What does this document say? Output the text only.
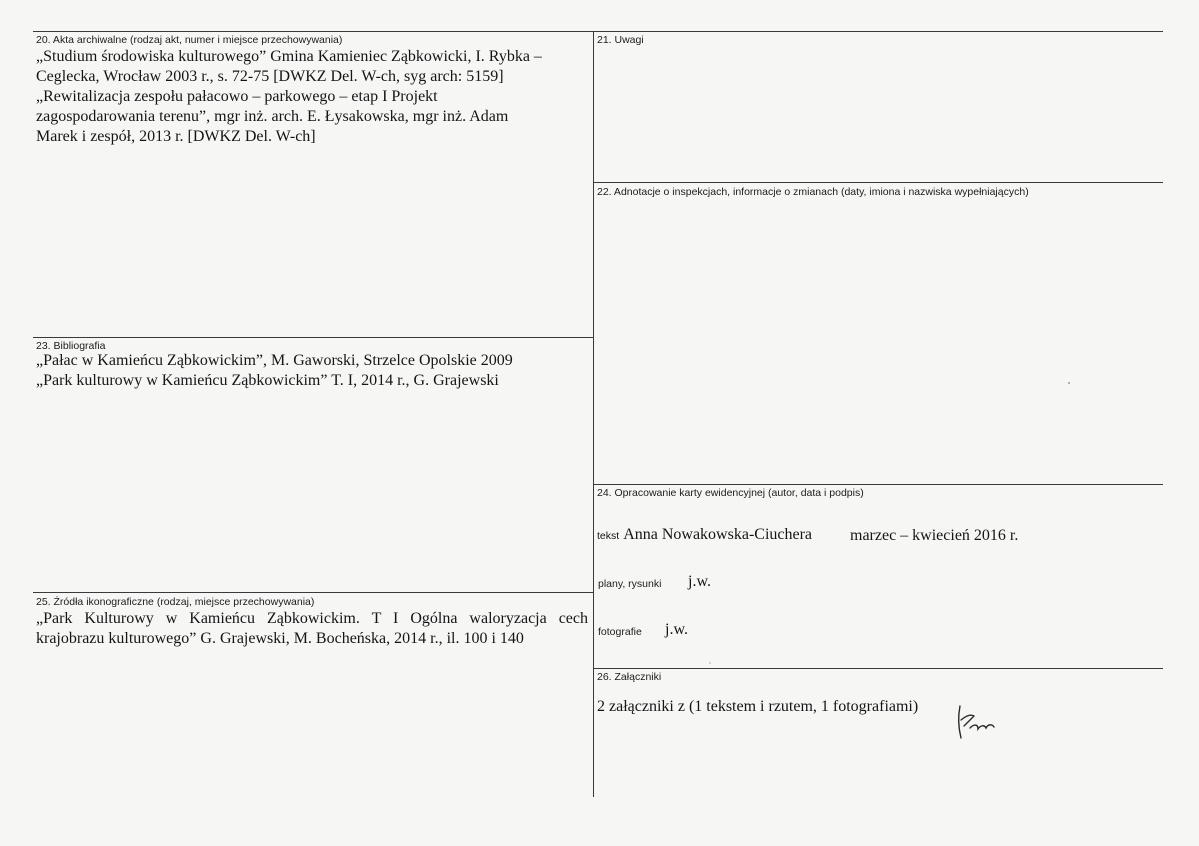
20. Akta archiwalne (rodzaj akt, numer i miejsce przechowywania)
„Studium środowiska kulturowego” Gmina Kamieniec Ząbkowicki, I. Rybka –
Ceglecka, Wrocław 2003 r., s. 72-75 [DWKZ Del. W-ch, syg arch: 5159]
„Rewitalizacja zespołu pałacowo – parkowego – etap I Projekt
zagospodarowania terenu”, mgr inż. arch. E. Łysakowska, mgr inż. Adam
Marek i zespół, 2013 r. [DWKZ Del. W-ch]
21. Uwagi
22. Adnotacje o inspekcjach, informacje o zmianach (daty, imiona i nazwiska wypełniających)
23. Bibliografia
„Pałac w Kamieńcu Ząbkowickim”, M. Gaworski, Strzelce Opolskie 2009
„Park kulturowy w Kamieńcu Ząbkowickim” T. I, 2014 r., G. Grajewski
24. Opracowanie karty ewidencyjnej (autor, data i podpis)
tekst Anna Nowakowska-Ciuchera marzec – kwiecień 2016 r.
plany, rysunki j.w.
fotografie j.w.
25. Źródła ikonograficzne (rodzaj, miejsce przechowywania)
„Park Kulturowy w Kamieńcu Ząbkowickim. T I Ogólna waloryzacja cech
krajobrazu kulturowego” G. Grajewski, M. Bocheńska, 2014 r., il. 100 i 140
26. Załączniki
2 załączniki z (1 tekstem i rzutem, 1 fotografiami)
